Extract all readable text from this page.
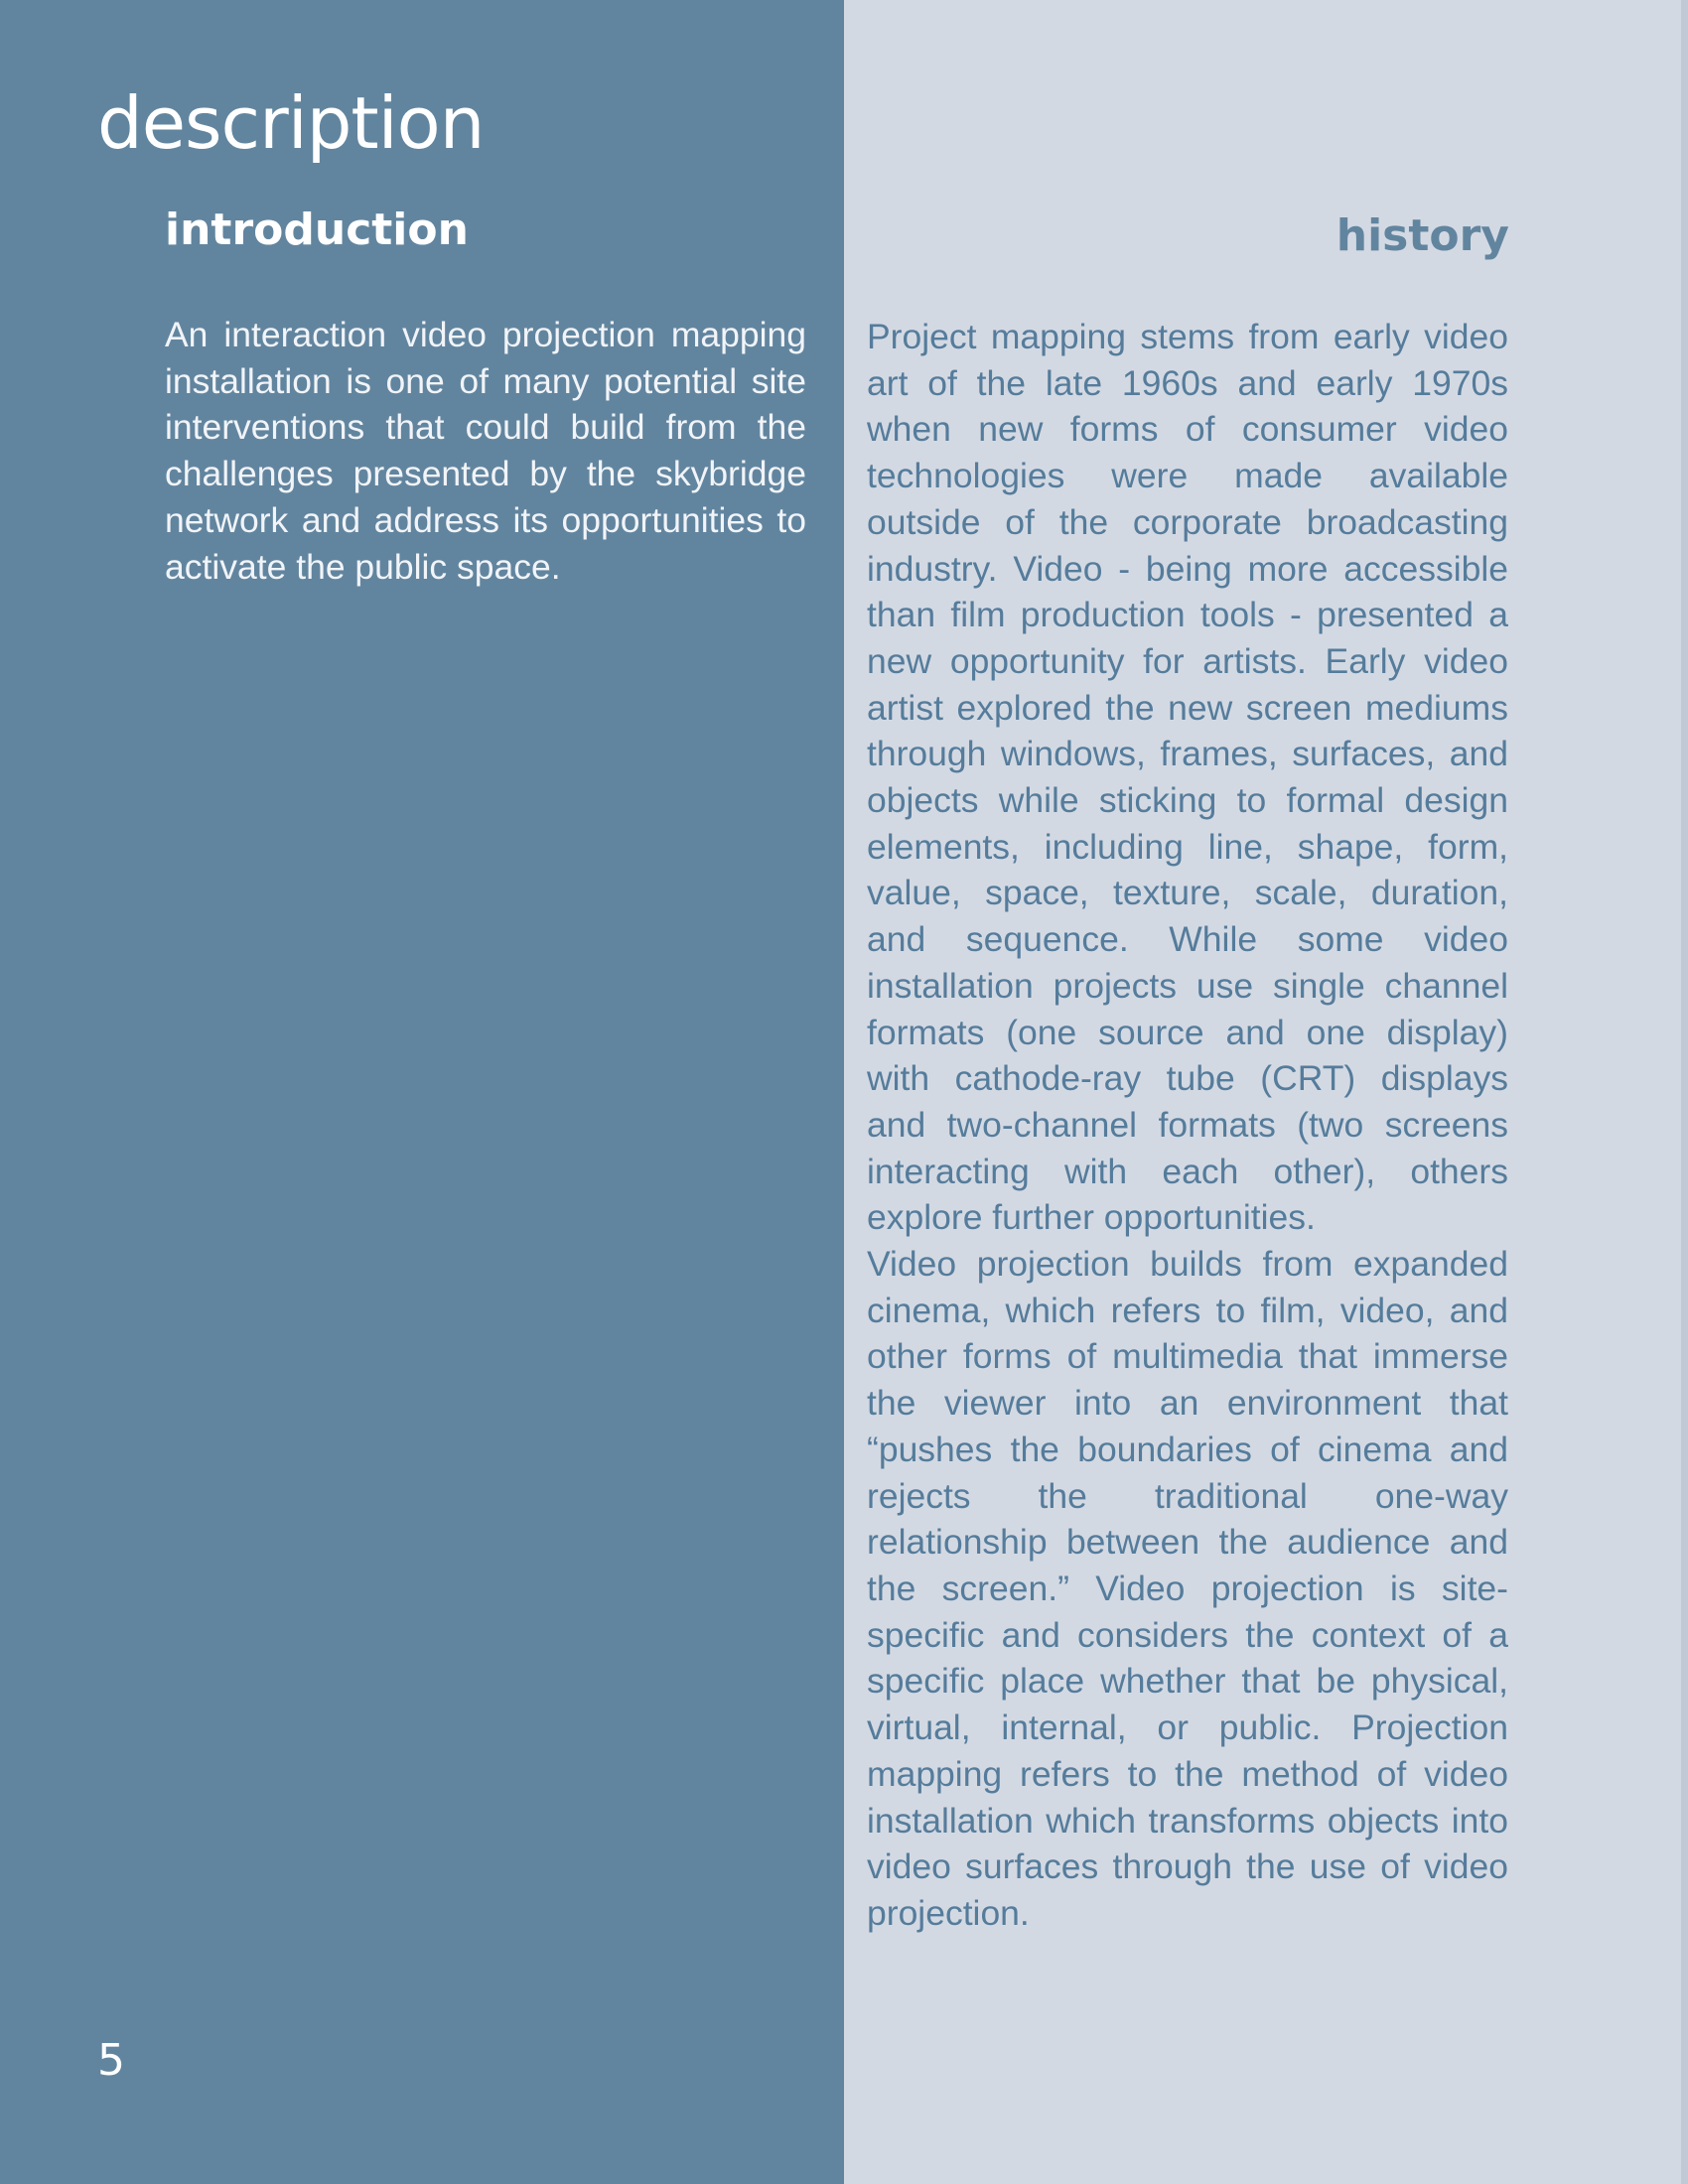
description
introduction

An interaction video projection mapping installation is one of many potential site interventions that could build from the challenges presented by the skybridge network and address its opportunities to activate the public space.

history

Project mapping stems from early video art of the late 1960s and early 1970s when new forms of consumer video technologies were made available outside of the corporate broadcasting industry. Video - being more accessible than film production tools - presented a new opportunity for artists. Early video artist explored the new screen mediums through windows, frames, surfaces, and objects while sticking to formal design elements, including line, shape, form, value, space, texture, scale, duration, and sequence. While some video installation projects use single channel formats (one source and one display) with cathode-ray tube (CRT) displays and two-channel formats (two screens interacting with each other), others explore further opportunities.

Video projection builds from expanded cinema, which refers to film, video, and other forms of multimedia that immerse the viewer into an environment that “pushes the boundaries of cinema and rejects the traditional one-way relationship between the audience and the screen.” Video projection is site-specific and considers the context of a specific place whether that be physical, virtual, internal, or public. Projection mapping refers to the method of video installation which transforms objects into video surfaces through the use of video projection.

5
